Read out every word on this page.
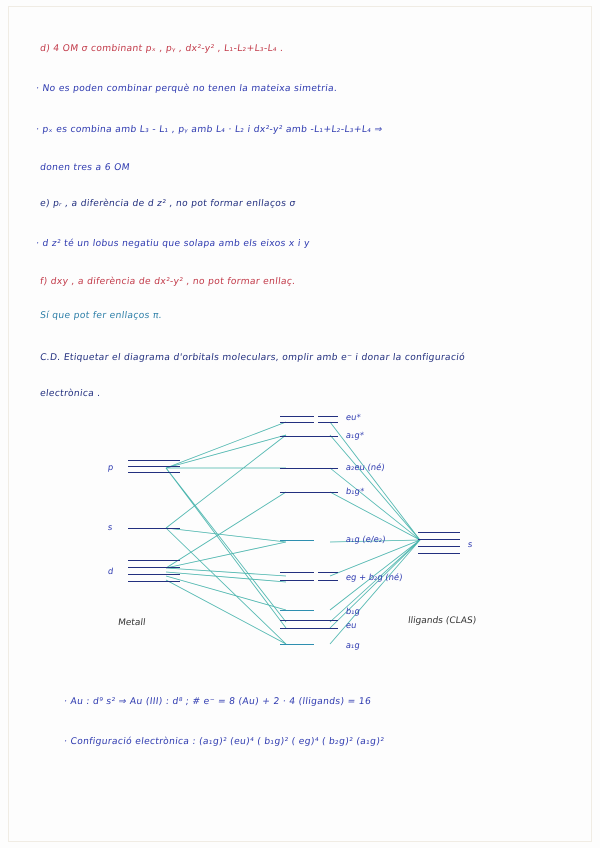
d) 4 OM σ combinant pₓ , pᵧ , dx²-y² , L₁-L₂+L₃-L₄ .
· No es poden combinar perquè no tenen la mateixa simetria.
· pₓ es combina amb L₃ - L₁ , pᵧ amb L₄ · L₂ i dx²-y² amb -L₁+L₂-L₃+L₄ ⇒
donen tres a 6 OM
e) pᵣ , a diferència de d z² , no pot formar enllaços σ
· d z² té un lobus negatiu que solapa amb els eixos x i y
f) dxy , a diferència de dx²-y² , no pot formar enllaç.
Sí que pot fer enllaços π.
C.D. Etiquetar el diagrama d'orbitals moleculars, omplir amb e⁻ i donar la configuració
electrònica .
p
s
d
Metall
eu*
a₁g*
a₂eu (né)
b₁g*
a₁g (e/e₂)
eg + b₂g (né)
b₁g
eu
a₁g
s
lligands (CLAS)
· Au : d⁹ s² ⇒ Au (III) : d⁸ ; # e⁻ = 8 (Au) + 2 · 4 (lligands) = 16
· Configuració electrònica : (a₁g)² (eu)⁴ ( b₁g)² ( eg)⁴ ( b₂g)² (a₁g)²
